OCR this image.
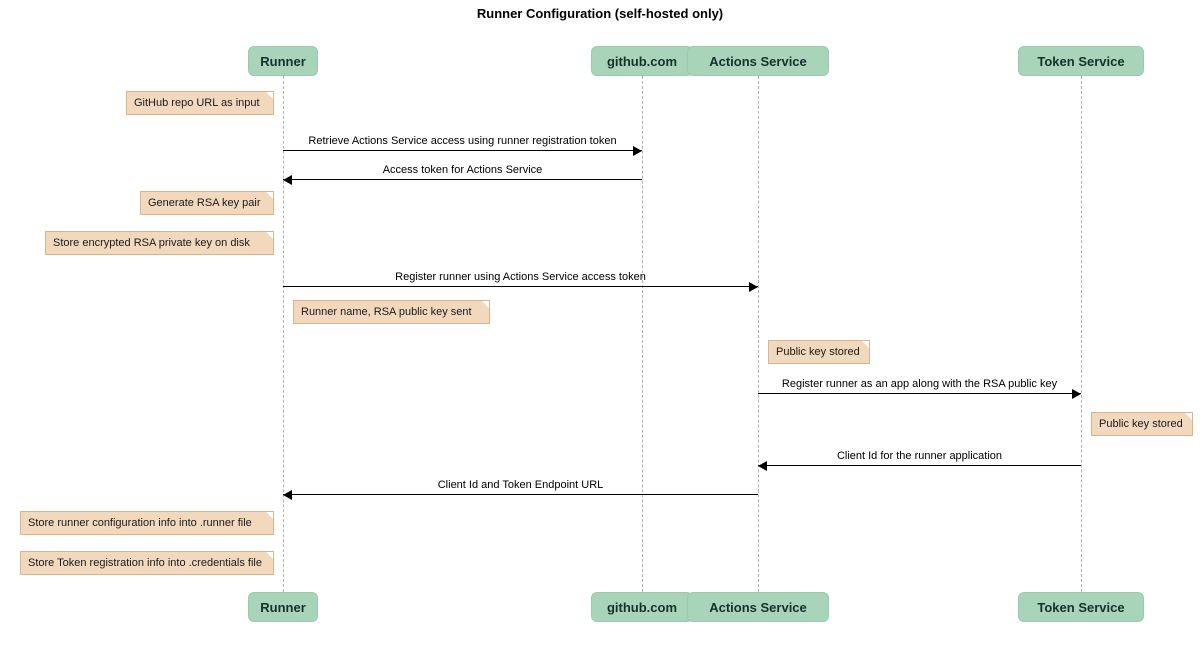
Runner Configuration (self-hosted only)
Runner
Runner
github.com
github.com
Actions Service
Actions Service
Token Service
Token Service
Retrieve Actions Service access using runner registration token
Access token for Actions Service
Register runner using Actions Service access token
Register runner as an app along with the RSA public key
Client Id for the runner application
Client Id and Token Endpoint URL
GitHub repo URL as input
Generate RSA key pair
Store encrypted RSA private key on disk
Runner name, RSA public key sent
Public key stored
Public key stored
Store runner configuration info into .runner file
Store Token registration info into .credentials file
